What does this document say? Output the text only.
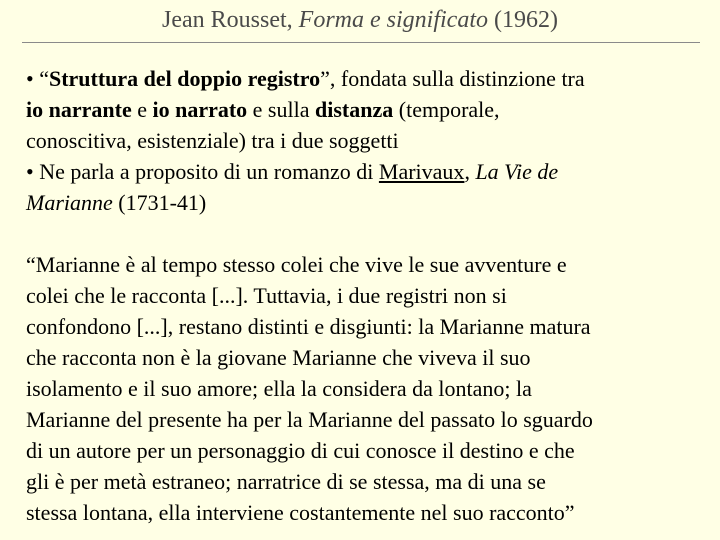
Jean Rousset, Forma e significato (1962)
• “Struttura del doppio registro”, fondata sulla distinzione tra
io narrante e io narrato e sulla distanza (temporale,
conoscitiva, esistenziale) tra i due soggetti
• Ne parla a proposito di un romanzo di Marivaux, La Vie de
Marianne (1731-41)
“Marianne è al tempo stesso colei che vive le sue avventure e
colei che le racconta [...]. Tuttavia, i due registri non si
confondono [...], restano distinti e disgiunti: la Marianne matura
che racconta non è la giovane Marianne che viveva il suo
isolamento e il suo amore; ella la considera da lontano; la
Marianne del presente ha per la Marianne del passato lo sguardo
di un autore per un personaggio di cui conosce il destino e che
gli è per metà estraneo; narratrice di se stessa, ma di una se
stessa lontana, ella interviene costantemente nel suo racconto”
